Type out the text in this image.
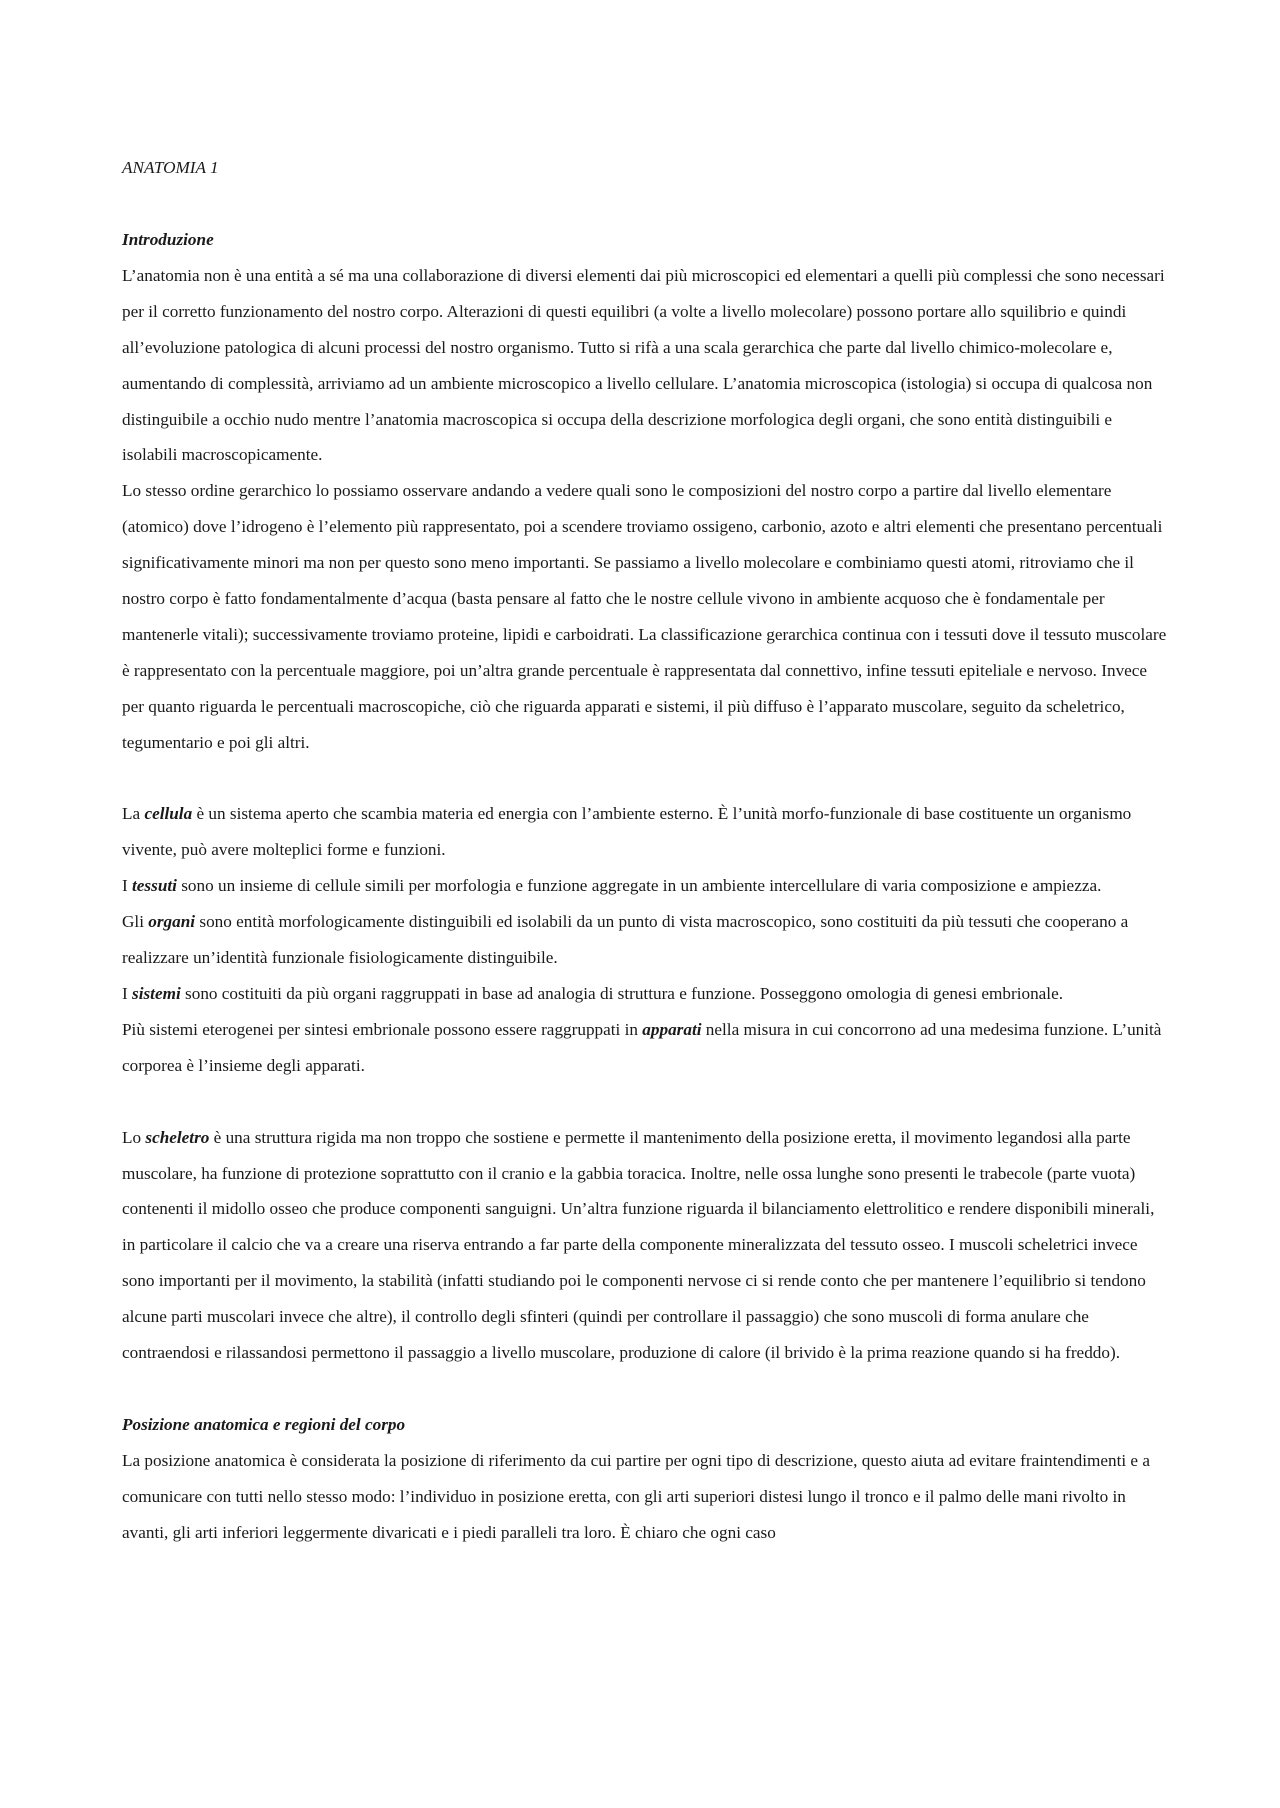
ANATOMIA 1
Introduzione

L’anatomia non è una entità a sé ma una collaborazione di diversi elementi dai più microscopici ed elementari a quelli più complessi che sono necessari per il corretto funzionamento del nostro corpo. Alterazioni di questi equilibri (a volte a livello molecolare) possono portare allo squilibrio e quindi all’evoluzione patologica di alcuni processi del nostro organismo. Tutto si rifà a una scala gerarchica che parte dal livello chimico-molecolare e, aumentando di complessità, arriviamo ad un ambiente microscopico a livello cellulare. L’anatomia microscopica (istologia) si occupa di qualcosa non distinguibile a occhio nudo mentre l’anatomia macroscopica si occupa della descrizione morfologica degli organi, che sono entità distinguibili e isolabili macroscopicamente.

Lo stesso ordine gerarchico lo possiamo osservare andando a vedere quali sono le composizioni del nostro corpo a partire dal livello elementare (atomico) dove l’idrogeno è l’elemento più rappresentato, poi a scendere troviamo ossigeno, carbonio, azoto e altri elementi che presentano percentuali significativamente minori ma non per questo sono meno importanti. Se passiamo a livello molecolare e combiniamo questi atomi, ritroviamo che il nostro corpo è fatto fondamentalmente d’acqua (basta pensare al fatto che le nostre cellule vivono in ambiente acquoso che è fondamentale per mantenerle vitali); successivamente troviamo proteine, lipidi e carboidrati. La classificazione gerarchica continua con i tessuti dove il tessuto muscolare è rappresentato con la percentuale maggiore, poi un’altra grande percentuale è rappresentata dal connettivo, infine tessuti epiteliale e nervoso. Invece per quanto riguarda le percentuali macroscopiche, ciò che riguarda apparati e sistemi, il più diffuso è l’apparato muscolare, seguito da scheletrico, tegumentario e poi gli altri.

La cellula è un sistema aperto che scambia materia ed energia con l’ambiente esterno. È l’unità morfo-funzionale di base costituente un organismo vivente, può avere molteplici forme e funzioni.

I tessuti sono un insieme di cellule simili per morfologia e funzione aggregate in un ambiente intercellulare di varia composizione e ampiezza.

Gli organi sono entità morfologicamente distinguibili ed isolabili da un punto di vista macroscopico, sono costituiti da più tessuti che cooperano a realizzare un’identità funzionale fisiologicamente distinguibile.

I sistemi sono costituiti da più organi raggruppati in base ad analogia di struttura e funzione. Posseggono omologia di genesi embrionale.

Più sistemi eterogenei per sintesi embrionale possono essere raggruppati in apparati nella misura in cui concorrono ad una medesima funzione. L’unità corporea è l’insieme degli apparati.

Lo scheletro è una struttura rigida ma non troppo che sostiene e permette il mantenimento della posizione eretta, il movimento legandosi alla parte muscolare, ha funzione di protezione soprattutto con il cranio e la gabbia toracica. Inoltre, nelle ossa lunghe sono presenti le trabecole (parte vuota) contenenti il midollo osseo che produce componenti sanguigni. Un’altra funzione riguarda il bilanciamento elettrolitico e rendere disponibili minerali, in particolare il calcio che va a creare una riserva entrando a far parte della componente mineralizzata del tessuto osseo. I muscoli scheletrici invece sono importanti per il movimento, la stabilità (infatti studiando poi le componenti nervose ci si rende conto che per mantenere l’equilibrio si tendono alcune parti muscolari invece che altre), il controllo degli sfinteri (quindi per controllare il passaggio) che sono muscoli di forma anulare che contraendosi e rilassandosi permettono il passaggio a livello muscolare, produzione di calore (il brivido è la prima reazione quando si ha freddo).

Posizione anatomica e regioni del corpo

La posizione anatomica è considerata la posizione di riferimento da cui partire per ogni tipo di descrizione, questo aiuta ad evitare fraintendimenti e a comunicare con tutti nello stesso modo: l’individuo in posizione eretta, con gli arti superiori distesi lungo il tronco e il palmo delle mani rivolto in avanti, gli arti inferiori leggermente divaricati e i piedi paralleli tra loro. È chiaro che ogni caso
